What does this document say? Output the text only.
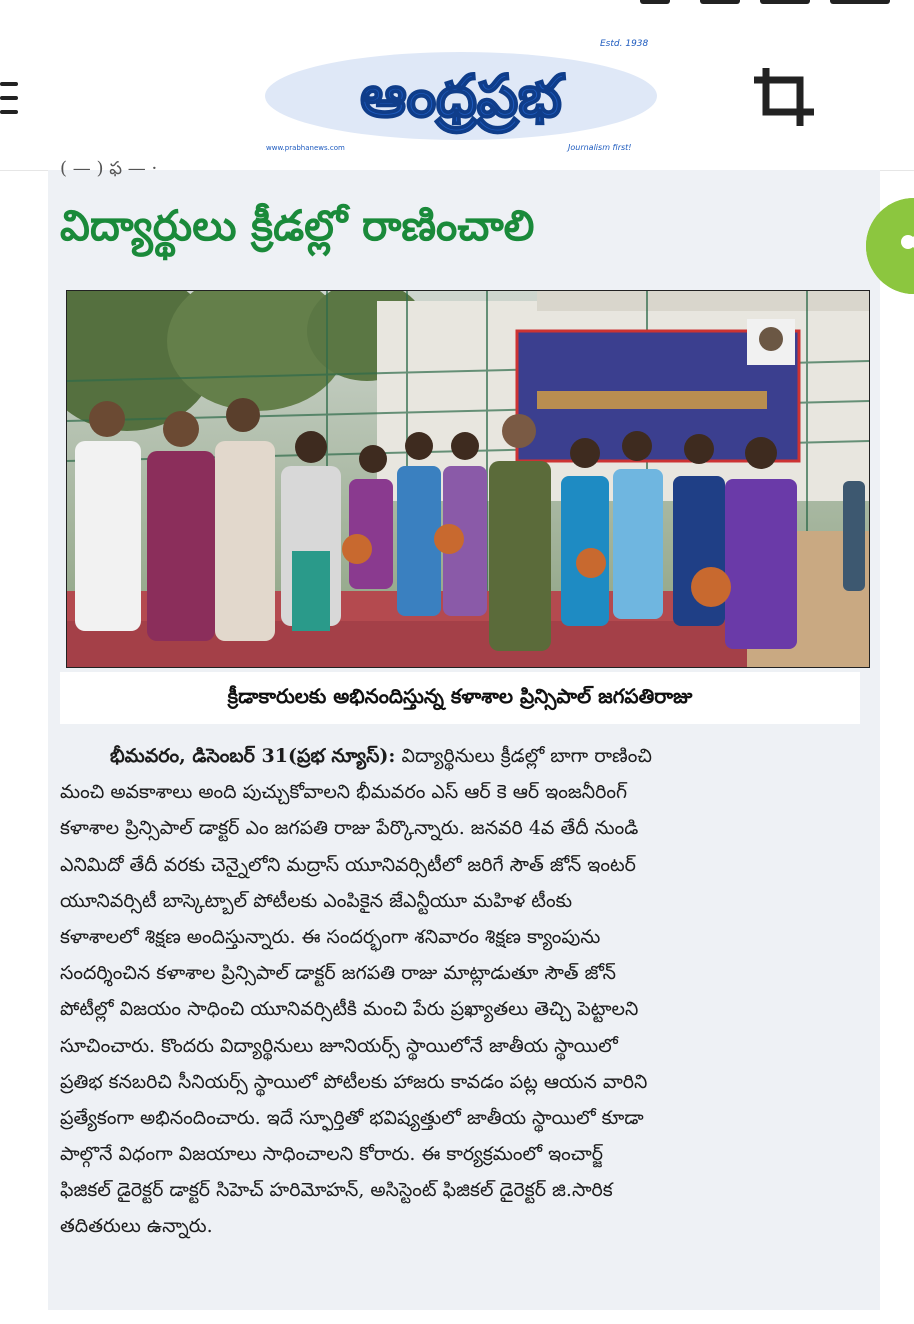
Estd. 1938
ఆంధ్రప్రభ
www.prabhanews.com	Journalism first!
( — ) ఫ — ·
విద్యార్థులు క్రీడల్లో రాణించాలి
క్రీడాకారులకు అభినందిస్తున్న కళాశాల ప్రిన్సిపాల్ జగపతిరాజు
భీమవరం, డిసెంబర్ 31(ప్రభ న్యూస్): విద్యార్థినులు క్రీడల్లో బాగా రాణించి
మంచి అవకాశాలు అంది పుచ్చుకోవాలని భీమవరం ఎస్ ఆర్ కె ఆర్ ఇంజనీరింగ్
కళాశాల ప్రిన్సిపాల్ డాక్టర్ ఎం జగపతి రాజు పేర్కొన్నారు. జనవరి 4వ తేదీ నుండి
ఎనిమిదో తేదీ వరకు చెన్నైలోని మద్రాస్ యూనివర్సిటీలో జరిగే సౌత్ జోన్ ఇంటర్
యూనివర్సిటీ బాస్కెట్బాల్ పోటీలకు ఎంపికైన జేఎన్టీయూ మహిళ టీంకు
కళాశాలలో శిక్షణ అందిస్తున్నారు. ఈ సందర్భంగా శనివారం శిక్షణ క్యాంపును
సందర్శించిన కళాశాల ప్రిన్సిపాల్ డాక్టర్ జగపతి రాజు మాట్లాడుతూ సౌత్ జోన్
పోటీల్లో విజయం సాధించి యూనివర్సిటీకి మంచి పేరు ప్రఖ్యాతలు తెచ్చి పెట్టాలని
సూచించారు. కొందరు విద్యార్థినులు జూనియర్స్ స్థాయిలోనే జాతీయ స్థాయిలో
ప్రతిభ కనబరిచి సీనియర్స్ స్థాయిలో పోటీలకు హాజరు కావడం పట్ల ఆయన వారిని
ప్రత్యేకంగా అభినందించారు. ఇదే స్ఫూర్తితో భవిష్యత్తులో జాతీయ స్థాయిలో కూడా
పాల్గొనే విధంగా విజయాలు సాధించాలని కోరారు. ఈ కార్యక్రమంలో ఇంచార్జ్
ఫిజికల్ డైరెక్టర్ డాక్టర్ సిహెచ్ హరిమోహన్, అసిస్టెంట్ ఫిజికల్ డైరెక్టర్ జి.సారిక
తదితరులు ఉన్నారు.
